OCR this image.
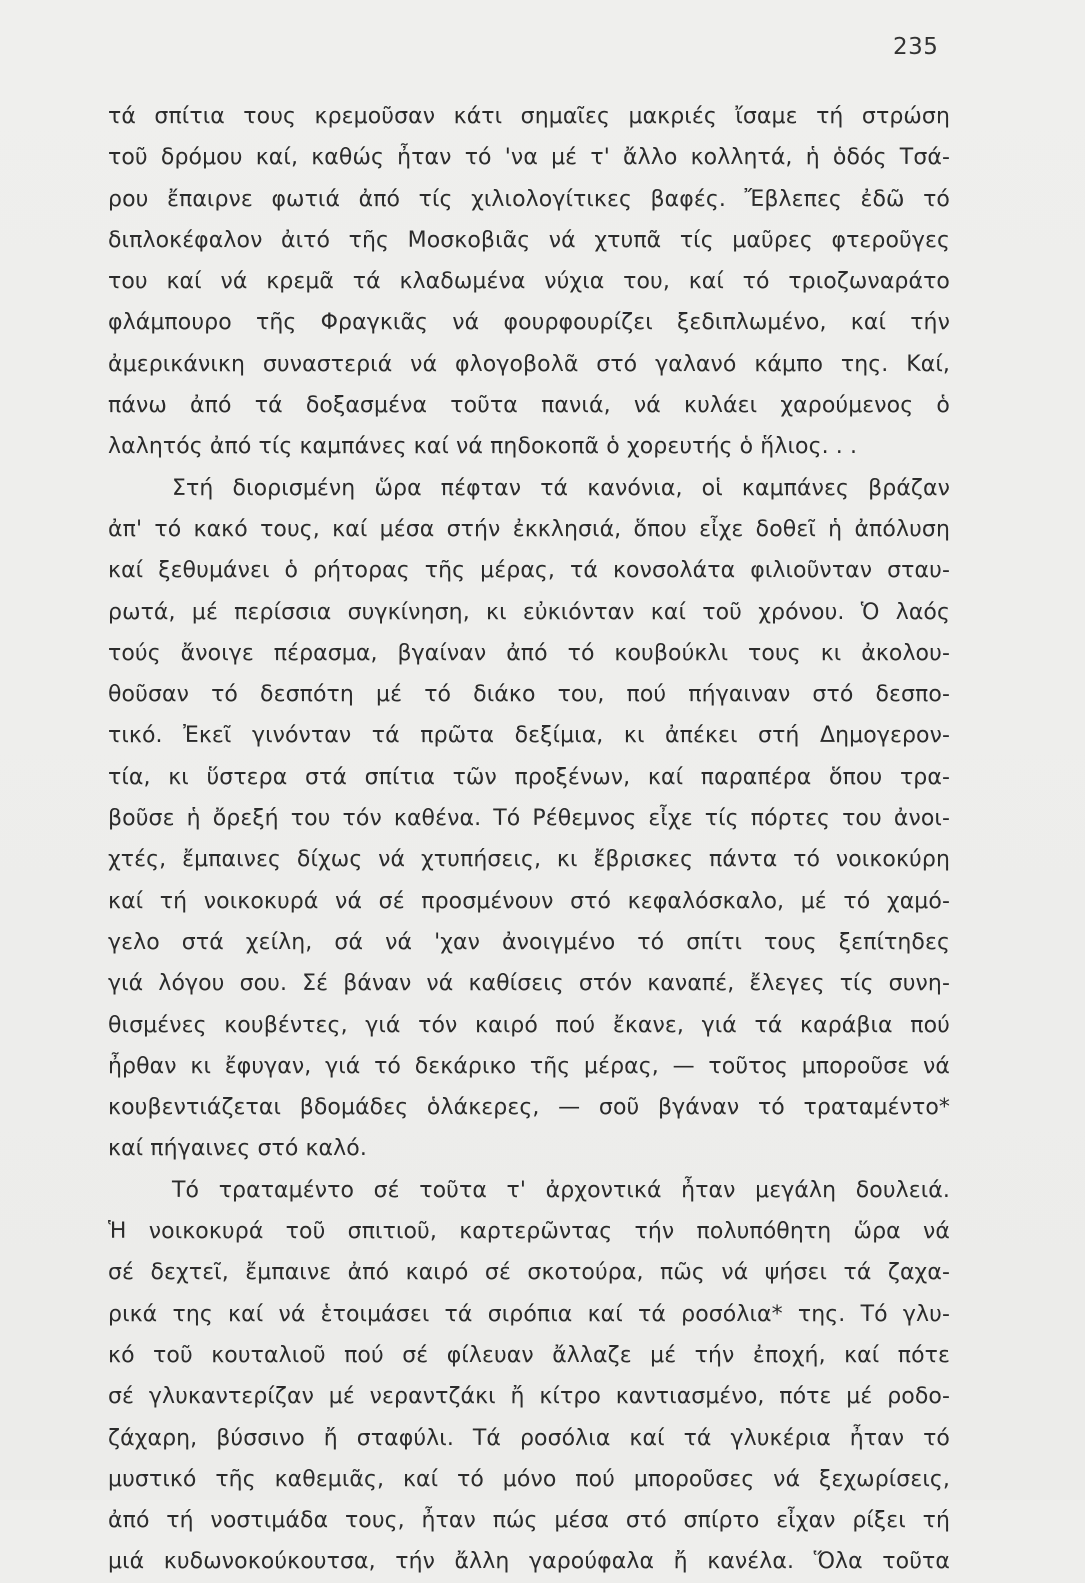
235
τά σπίτια τους κρεμοῦσαν κάτι σημαῖες μακριές ἴσαμε τή στρώση
τοῦ δρόμου καί, καθώς ἦταν τό 'να μέ τ' ἄλλο κολλητά, ἡ ὁδός Τσά-
ρου ἔπαιρνε φωτιά ἀπό τίς χιλιολογίτικες βαφές. Ἔβλεπες ἐδῶ τό
διπλοκέφαλον ἀιτό τῆς Μοσκοβιᾶς νά χτυπᾶ τίς μαῦρες φτεροῦγες
του καί νά κρεμᾶ τά κλαδωμένα νύχια του, καί τό τριοζωναράτο
φλάμπουρο τῆς Φραγκιᾶς νά φουρφουρίζει ξεδιπλωμένο, καί τήν
ἀμερικάνικη συναστεριά νά φλογοβολᾶ στό γαλανό κάμπο της. Καί,
πάνω ἀπό τά δοξασμένα τοῦτα πανιά, νά κυλάει χαρούμενος ὁ
λαλητός ἀπό τίς καμπάνες καί νά πηδοκοπᾶ ὁ χορευτής ὁ ἥλιος. . .
Στή διορισμένη ὥρα πέφταν τά κανόνια, οἱ καμπάνες βράζαν
ἀπ' τό κακό τους, καί μέσα στήν ἐκκλησιά, ὅπου εἶχε δοθεῖ ἡ ἀπόλυση
καί ξεθυμάνει ὁ ρήτορας τῆς μέρας, τά κονσολάτα φιλιοῦνταν σταυ-
ρωτά, μέ περίσσια συγκίνηση, κι εὐκιόνταν καί τοῦ χρόνου. Ὁ λαός
τούς ἄνοιγε πέρασμα, βγαίναν ἀπό τό κουβούκλι τους κι ἀκολου-
θοῦσαν τό δεσπότη μέ τό διάκο του, πού πήγαιναν στό δεσπο-
τικό. Ἐκεῖ γινόνταν τά πρῶτα δεξίμια, κι ἀπέκει στή Δημογερον-
τία, κι ὕστερα στά σπίτια τῶν προξένων, καί παραπέρα ὅπου τρα-
βοῦσε ἡ ὄρεξή του τόν καθένα. Τό Ρέθεμνος εἶχε τίς πόρτες του ἀνοι-
χτές, ἔμπαινες δίχως νά χτυπήσεις, κι ἔβρισκες πάντα τό νοικοκύρη
καί τή νοικοκυρά νά σέ προσμένουν στό κεφαλόσκαλο, μέ τό χαμό-
γελο στά χείλη, σά νά 'χαν ἀνοιγμένο τό σπίτι τους ξεπίτηδες
γιά λόγου σου. Σέ βάναν νά καθίσεις στόν καναπέ, ἔλεγες τίς συνη-
θισμένες κουβέντες, γιά τόν καιρό πού ἔκανε, γιά τά καράβια πού
ἦρθαν κι ἔφυγαν, γιά τό δεκάρικο τῆς μέρας, — τοῦτος μποροῦσε νά
κουβεντιάζεται βδομάδες ὁλάκερες, — σοῦ βγάναν τό τραταμέντο*
καί πήγαινες στό καλό.
Τό τραταμέντο σέ τοῦτα τ' ἀρχοντικά ἦταν μεγάλη δουλειά.
Ἡ νοικοκυρά τοῦ σπιτιοῦ, καρτερῶντας τήν πολυπόθητη ὥρα νά
σέ δεχτεῖ, ἔμπαινε ἀπό καιρό σέ σκοτούρα, πῶς νά ψήσει τά ζαχα-
ρικά της καί νά ἑτοιμάσει τά σιρόπια καί τά ροσόλια* της. Τό γλυ-
κό τοῦ κουταλιοῦ πού σέ φίλευαν ἄλλαζε μέ τήν ἐποχή, καί πότε
σέ γλυκαντερίζαν μέ νεραντζάκι ἤ κίτρο καντιασμένο, πότε μέ ροδο-
ζάχαρη, βύσσινο ἤ σταφύλι. Τά ροσόλια καί τά γλυκέρια ἦταν τό
μυστικό τῆς καθεμιᾶς, καί τό μόνο πού μποροῦσες νά ξεχωρίσεις,
ἀπό τή νοστιμάδα τους, ἦταν πώς μέσα στό σπίρτο εἶχαν ρίξει τή
μιά κυδωνοκούκουτσα, τήν ἄλλη γαρούφαλα ἤ κανέλα. Ὅλα τοῦτα
